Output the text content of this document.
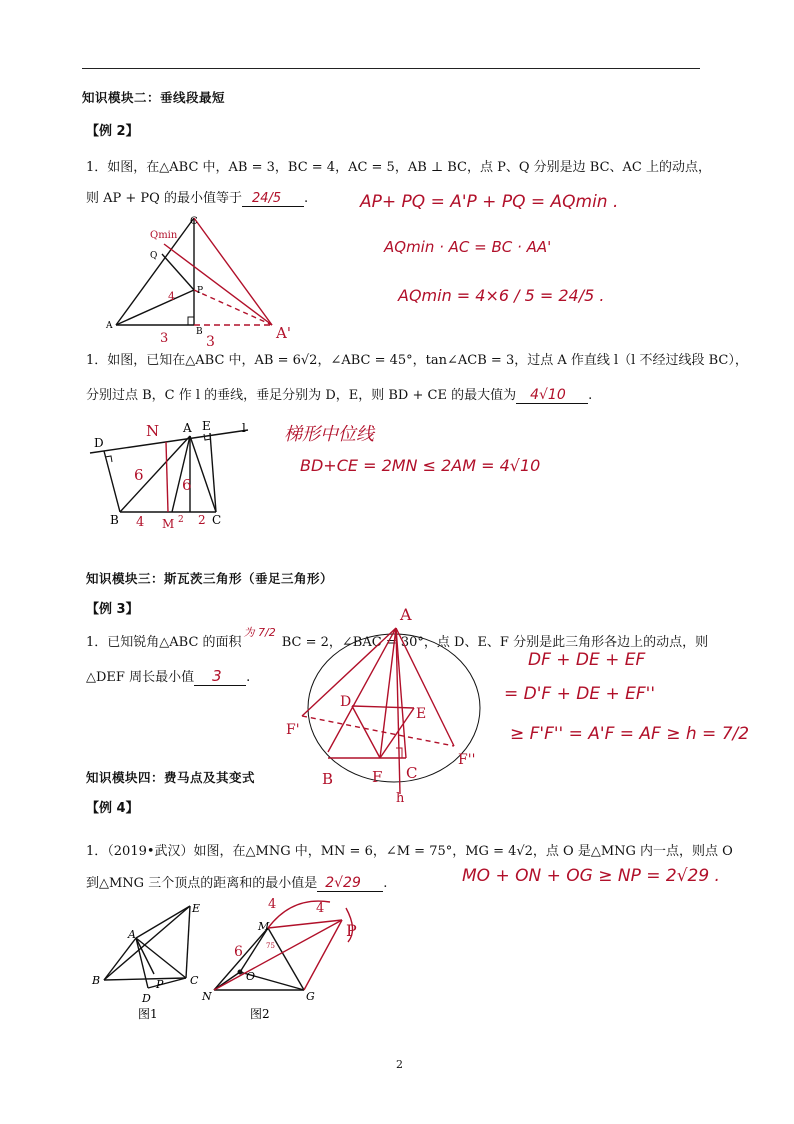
知识模块二：垂线段最短
【例 2】
1．如图，在△ABC 中，AB = 3，BC = 4，AC = 5，AB ⊥ BC，点 P、Q 分别是边 BC、AC 上的动点，
则 AP + PQ 的最小值等于 24/5 .
C
Q
P
A
B
Qmin
4
3	3	A'
AP+ PQ = A'P + PQ = AQmin .
AQmin · AC = BC · AA'
AQmin = 4×6 / 5 = 24/5 .
1．如图，已知在△ABC 中，AB = 6√2，∠ABC = 45°，tan∠ACB = 3，过点 A 作直线 l（l 不经过线段 BC），
分别过点 B，C 作 l 的垂线，垂足分别为 D，E，则 BD + CE 的最大值为 4√10 .
D
N A E	l
B	C
M 2 2
6
6
4
梯形中位线
BD+CE = 2MN ≤ 2AM = 4√10
知识模块三：斯瓦茨三角形（垂足三角形）
【例 3】
1．已知锐角△ABC 的面积为 7/2BC = 2，∠BAC = 30°，点 D、E、F 分别是此三角形各边上的动点，则
△DEF 周长最小值 3 .
A
D
E
F
B	C
F'
F''
h
DF + DE + EF
= D'F + DE + EF''
≥ F'F'' = A'F = AF ≥ h = 7/2
知识模块四：费马点及其变式
【例 4】
1．（2019•武汉）如图，在△MNG 中，MN = 6，∠M = 75°，MG = 4√2，点 O 是△MNG 内一点，则点 O
到△MNG 三个顶点的距离和的最小值是 2√29 .	MO + ON + OG ≥ NP = 2√29 .
E
A
B	C
D
P
图1
M
N	G
O
P
6
4	4
75
图2
2
